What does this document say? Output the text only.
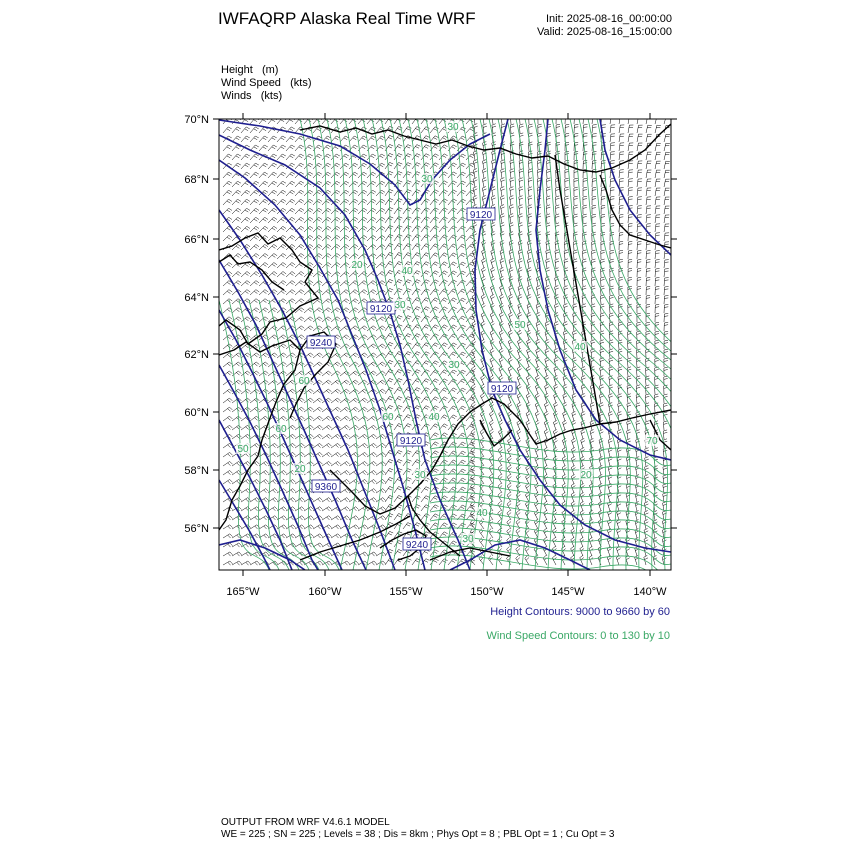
IWFAQRP Alaska Real Time WRF	Init: 2025-08-16_00:00:00
Valid: 2025-08-16_15:00:00
Height   (m)
Wind Speed   (kts)
Winds   (kts)
9120
9120
9240
9120
9120
9360
9240
30
30
20
40
30
50
40
30
60
40
60
50
60
70
40
30
20
30
20
70°N
68°N
66°N
64°N
62°N
60°N
58°N
56°N
165°W	160°W	155°W	150°W	145°W	140°W
Height Contours: 9000 to 9660 by 60
Wind Speed Contours: 0 to 130 by 10
OUTPUT FROM WRF V4.6.1 MODEL
WE = 225 ; SN = 225 ; Levels = 38 ; Dis = 8km ; Phys Opt = 8 ; PBL Opt = 1 ; Cu Opt = 3
